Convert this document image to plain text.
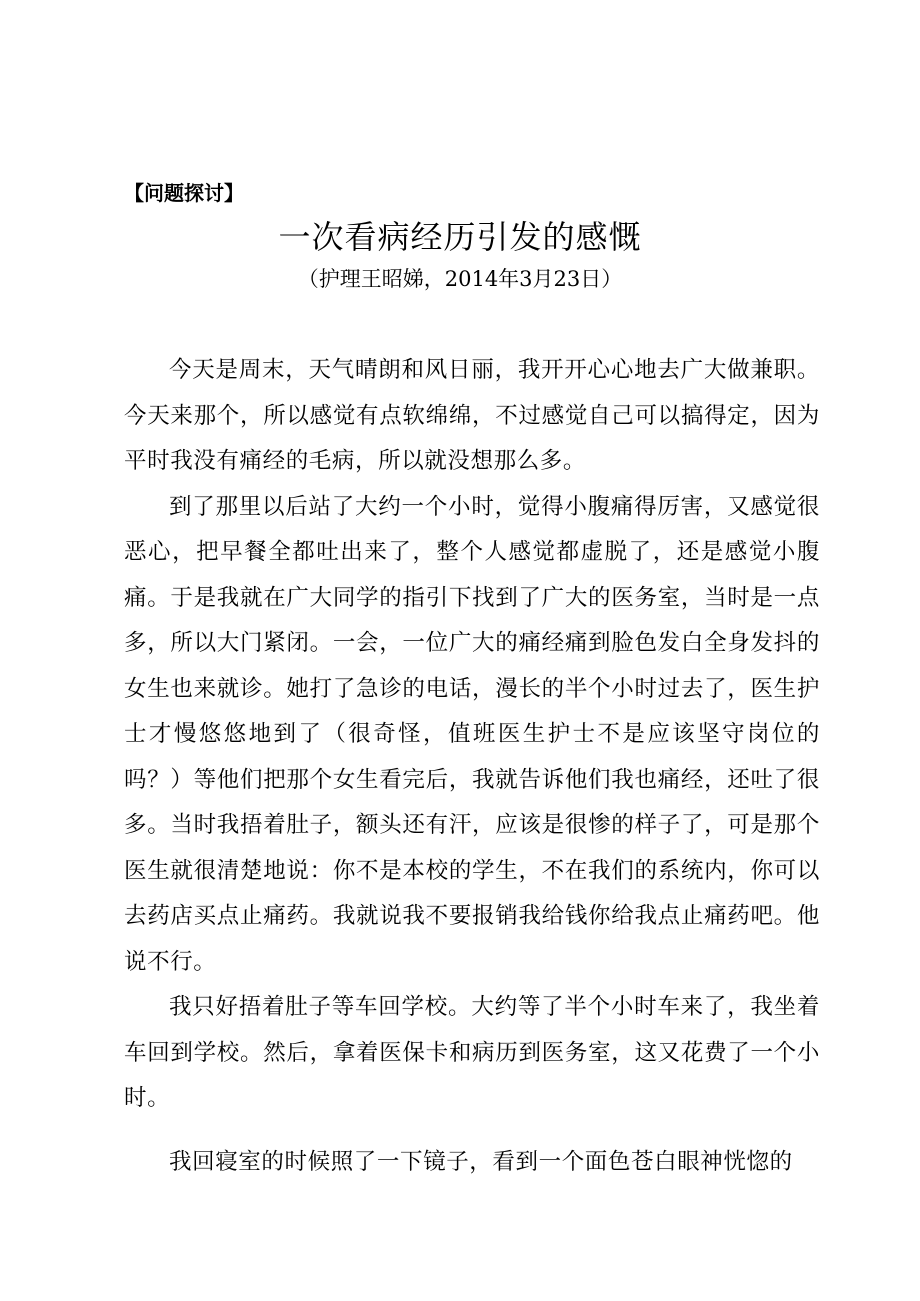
【问题探讨】
一次看病经历引发的感慨
（护理王昭娣，2014年3月23日）

今天是周末，天气晴朗和风日丽，我开开心心地去广大做兼职。今天来那个，所以感觉有点软绵绵，不过感觉自己可以搞得定，因为平时我没有痛经的毛病，所以就没想那么多。

到了那里以后站了大约一个小时，觉得小腹痛得厉害，又感觉很恶心，把早餐全都吐出来了，整个人感觉都虚脱了，还是感觉小腹痛。于是我就在广大同学的指引下找到了广大的医务室，当时是一点多，所以大门紧闭。一会，一位广大的痛经痛到脸色发白全身发抖的女生也来就诊。她打了急诊的电话，漫长的半个小时过去了，医生护士才慢悠悠地到了（很奇怪，值班医生护士不是应该坚守岗位的吗？）等他们把那个女生看完后，我就告诉他们我也痛经，还吐了很多。当时我捂着肚子，额头还有汗，应该是很惨的样子了，可是那个医生就很清楚地说：你不是本校的学生，不在我们的系统内，你可以去药店买点止痛药。我就说我不要报销我给钱你给我点止痛药吧。他说不行。

我只好捂着肚子等车回学校。大约等了半个小时车来了，我坐着车回到学校。然后，拿着医保卡和病历到医务室，这又花费了一个小时。

我回寝室的时候照了一下镜子，看到一个面色苍白眼神恍惚的
